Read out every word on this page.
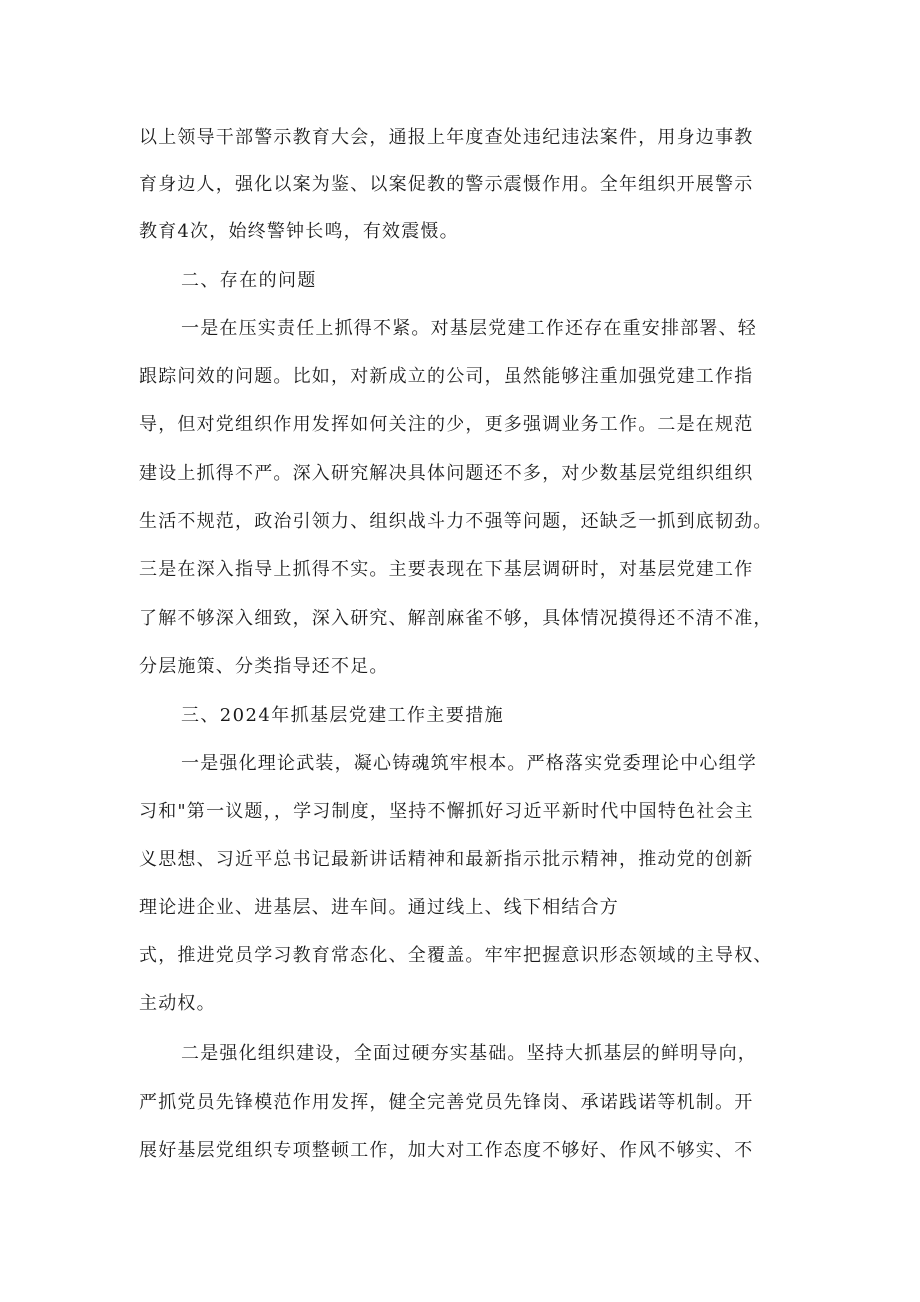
以上领导干部警示教育大会，通报上年度查处违纪违法案件，用身边事教
育身边人，强化以案为鉴、以案促教的警示震慑作用。全年组织开展警示
教育4次，始终警钟长鸣，有效震慑。
二、存在的问题
一是在压实责任上抓得不紧。对基层党建工作还存在重安排部署、轻
跟踪问效的问题。比如，对新成立的公司，虽然能够注重加强党建工作指
导，但对党组织作用发挥如何关注的少，更多强调业务工作。二是在规范
建设上抓得不严。深入研究解决具体问题还不多，对少数基层党组织组织
生活不规范，政治引领力、组织战斗力不强等问题，还缺乏一抓到底韧劲。
三是在深入指导上抓得不实。主要表现在下基层调研时，对基层党建工作
了解不够深入细致，深入研究、解剖麻雀不够，具体情况摸得还不清不准，
分层施策、分类指导还不足。
三、2024年抓基层党建工作主要措施
一是强化理论武装，凝心铸魂筑牢根本。严格落实党委理论中心组学
习和"第一议题，，学习制度，坚持不懈抓好习近平新时代中国特色社会主
义思想、习近平总书记最新讲话精神和最新指示批示精神，推动党的创新
理论进企业、进基层、进车间。通过线上、线下相结合方
式，推进党员学习教育常态化、全覆盖。牢牢把握意识形态领域的主导权、
主动权。
二是强化组织建设，全面过硬夯实基础。坚持大抓基层的鲜明导向，
严抓党员先锋模范作用发挥，健全完善党员先锋岗、承诺践诺等机制。开
展好基层党组织专项整顿工作，加大对工作态度不够好、作风不够实、不
